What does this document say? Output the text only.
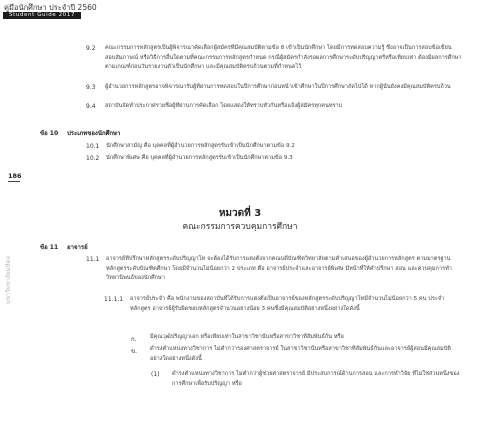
คู่มือนักศึกษา ประจำปี 2560
Student Guide 2017
186
มหาวิทยาลัยมหิดล
9.2 คณะกรรมการหลักสูตรเป็นผู้พิจารณาคัดเลือกผู้สมัครที่มีคุณสมบัติตามข้อ 8 เข้าเป็นนักศึกษา โดยมีการทดสอบความรู้ ซึ่งอาจเป็นการสอบข้อเขียน สอบสัมภาษณ์ หรือวิธีการอื่นใดตามที่คณะกรรมการหลักสูตรกำหนด กรณีผู้สมัครกำลังรอผลการศึกษาระดับปริญญาตรีหรือเทียบเท่า ต้องมีผลการศึกษาตามเกณฑ์ก่อนวันรายงานตัวเป็นนักศึกษา และมีคุณสมบัติครบถ้วนตามที่กำหนดไว้

9.3 ผู้อำนวยการหลักสูตรอาจพิจารณารับผู้ที่ผ่านการทดสอบในปีการศึกษาก่อนหน้าเข้าศึกษาในปีการศึกษาถัดไปได้ หากผู้นั้นยังคงมีคุณสมบัติครบถ้วน

9.4 สถาบันจัดทำประกาศรายชื่อผู้ที่ผ่านการคัดเลือก โดยแสดงให้ทราบทั่วกันหรือแจ้งผู้สมัครทุกคนทราบ

ข้อ 10 ประเภทของนักศึกษา
10.1 นักศึกษาสามัญ คือ บุคคลที่ผู้อำนวยการหลักสูตรรับเข้าเป็นนักศึกษาตามข้อ 9.2

10.2 นักศึกษาพิเศษ คือ บุคคลที่ผู้อำนวยการหลักสูตรรับเข้าเป็นนักศึกษาตามข้อ 9.3

หมวดที่ 3
คณะกรรมการควบคุมการศึกษา
ข้อ 11 อาจารย์
11.1 อาจารย์ที่ปรึกษาหลักสูตรระดับปริญญาโท จะต้องได้รับการแต่งตั้งจากคณบดีบัณฑิตวิทยาลัยตามคำเสนอของผู้อำนวยการหลักสูตร ตามมาตรฐานหลักสูตรระดับบัณฑิตศึกษา โดยมีจำนวนไม่น้อยกว่า 2 ประเภท คือ อาจารย์ประจำและอาจารย์พิเศษ มีหน้าที่ให้คำปรึกษา สอน และควบคุมการทำวิทยานิพนธ์ของนักศึกษา

11.1.1 อาจารย์ประจำ คือ พนักงานของสถาบันที่ได้รับการแต่งตั้งเป็นอาจารย์ของหลักสูตรระดับปริญญาโทมีจำนวนไม่น้อยกว่า 5 คน ประจำหลักสูตร อาจารย์ผู้รับผิดชอบหลักสูตรจำนวนอย่างน้อย 3 คนซึ่งมีคุณสมบัติอย่างหนึ่งอย่างใดดังนี้

ก. มีคุณวุฒิปริญญาเอก หรือเทียบเท่าในสาขาวิชานั้นหรือสาขาวิชาที่สัมพันธ์กัน หรือ

ข. ดำรงตำแหน่งทางวิชาการ ไม่ต่ำกว่ารองศาสตราจารย์ ในสาขาวิชานั้นหรือสาขาวิชาที่สัมพันธ์กันและอาจารย์ผู้สอนมีคุณสมบัติอย่างใดอย่างหนึ่งดังนี้

(1) ดำรงตำแหน่งทางวิชาการ ไม่ต่ำกว่าผู้ช่วยศาสตราจารย์ มีประสบการณ์ด้านการสอน และการทำวิจัย ที่ไม่ใช่ส่วนหนึ่งของการศึกษาเพื่อรับปริญญา หรือ
